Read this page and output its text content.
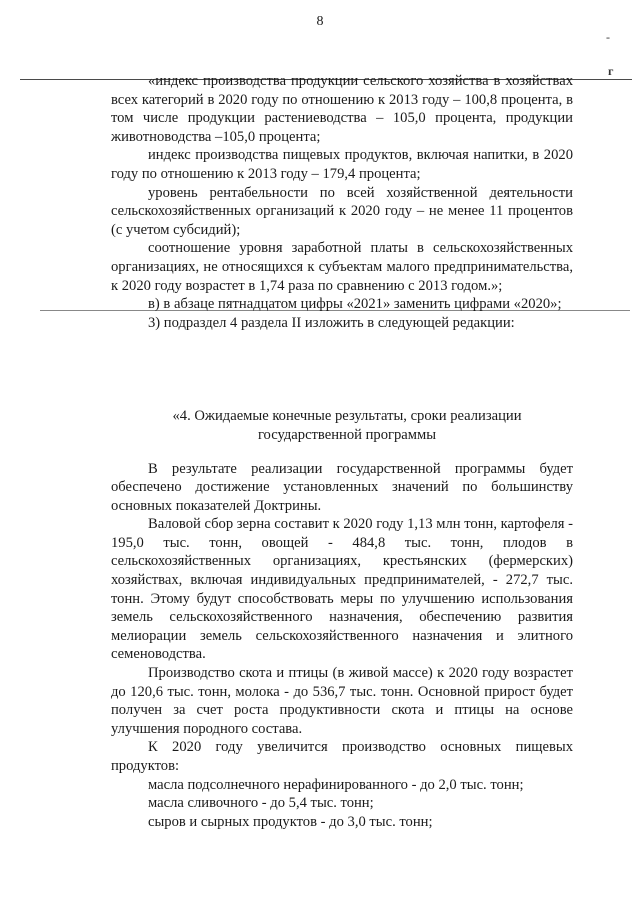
8
-
г

«индекс производства продукции сельского хозяйства в хозяйствах всех категорий в 2020 году по отношению к 2013 году – 100,8 процента, в том числе продукции растениеводства – 105,0 процента, продукции животноводства –105,0 процента;

индекс производства пищевых продуктов, включая напитки, в 2020 году по отношению к 2013 году – 179,4 процента;

уровень рентабельности по всей хозяйственной деятельности сельскохозяйственных организаций к 2020 году – не менее 11 процентов (с учетом субсидий);

соотношение уровня заработной платы в сельскохозяйственных организациях, не относящихся к субъектам малого предпринимательства, к 2020 году возрастет в 1,74 раза по сравнению с 2013 годом.»;

в) в абзаце пятнадцатом цифры «2021» заменить цифрами «2020»;

3) подраздел 4 раздела II изложить в следующей редакции:

«4. Ожидаемые конечные результаты, сроки реализации

государственной программы

В результате реализации государственной программы будет обеспечено достижение установленных значений по большинству основных показателей Доктрины.

Валовой сбор зерна составит к 2020 году 1,13 млн тонн, картофеля - 195,0 тыс. тонн, овощей - 484,8 тыс. тонн, плодов в сельскохозяйственных организациях, крестьянских (фермерских) хозяйствах, включая индивидуальных предпринимателей, - 272,7 тыс. тонн. Этому будут способствовать меры по улучшению использования земель сельскохозяйственного назначения, обеспечению развития мелиорации земель сельскохозяйственного назначения и элитного семеноводства.

Производство скота и птицы (в живой массе) к 2020 году возрастет до 120,6 тыс. тонн, молока - до 536,7 тыс. тонн. Основной прирост будет получен за счет роста продуктивности скота и птицы на основе улучшения породного состава.

К 2020 году увеличится производство основных пищевых продуктов:

масла подсолнечного нерафинированного - до 2,0 тыс. тонн;

масла сливочного - до 5,4 тыс. тонн;

сыров и сырных продуктов - до 3,0 тыс. тонн;
